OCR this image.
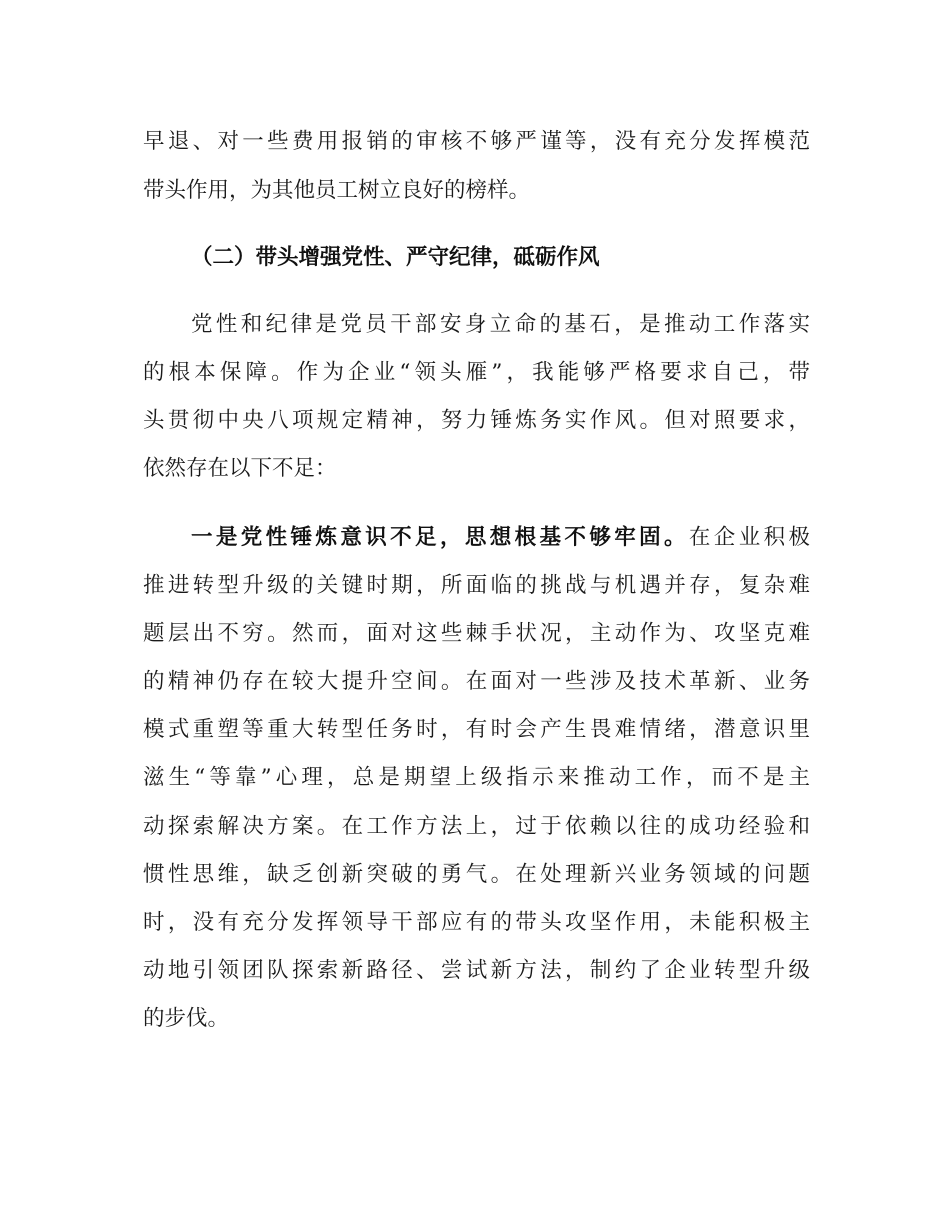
早退、对一些费用报销的审核不够严谨等，没有充分发挥模范
带头作用，为其他员工树立良好的榜样。
（二）带头增强党性、严守纪律，砥砺作风
党性和纪律是党员干部安身立命的基石，是推动工作落实
的根本保障。作为企业“领头雁”，我能够严格要求自己，带
头贯彻中央八项规定精神，努力锤炼务实作风。但对照要求，
依然存在以下不足：
一是党性锤炼意识不足，思想根基不够牢固。在企业积极
推进转型升级的关键时期，所面临的挑战与机遇并存，复杂难
题层出不穷。然而，面对这些棘手状况，主动作为、攻坚克难
的精神仍存在较大提升空间。在面对一些涉及技术革新、业务
模式重塑等重大转型任务时，有时会产生畏难情绪，潜意识里
滋生“等靠”心理，总是期望上级指示来推动工作，而不是主
动探索解决方案。在工作方法上，过于依赖以往的成功经验和
惯性思维，缺乏创新突破的勇气。在处理新兴业务领域的问题
时，没有充分发挥领导干部应有的带头攻坚作用，未能积极主
动地引领团队探索新路径、尝试新方法，制约了企业转型升级
的步伐。
